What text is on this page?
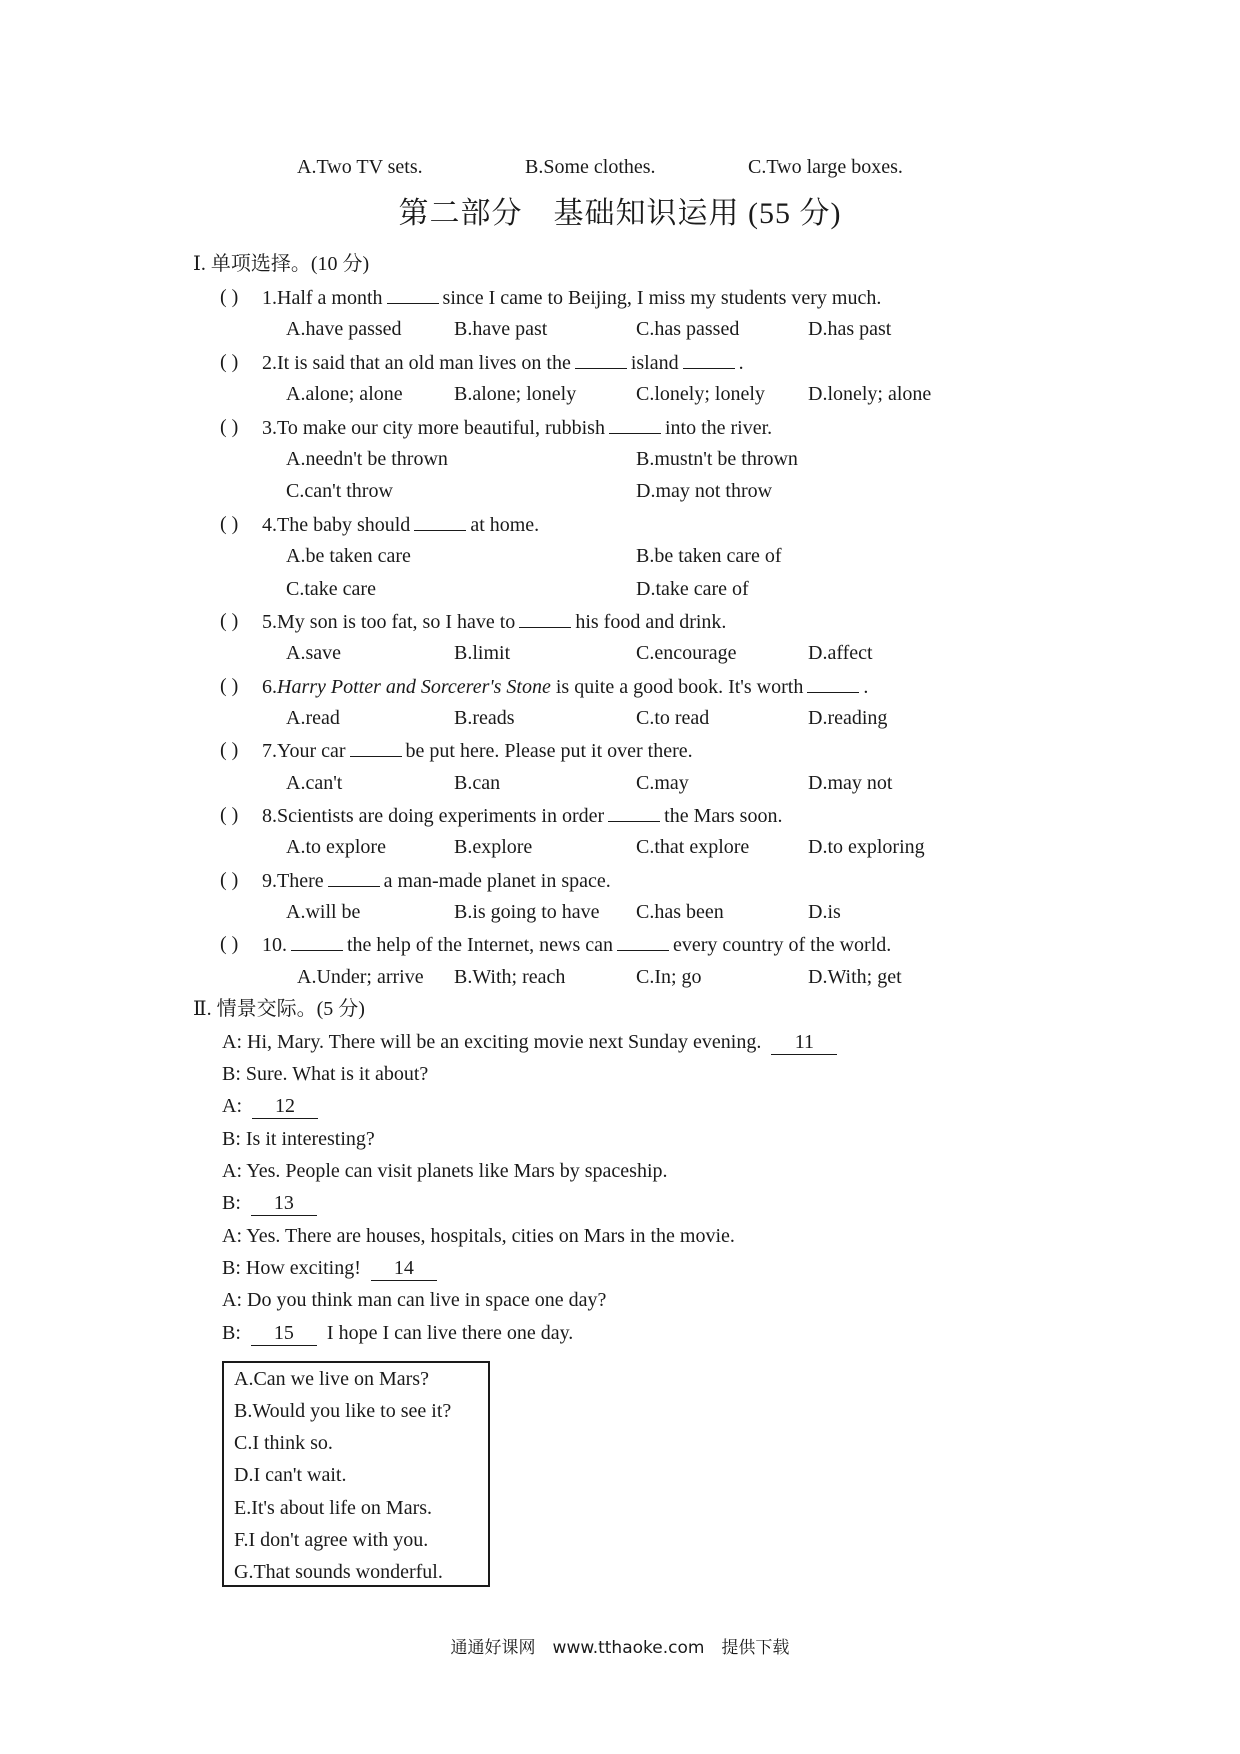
A.Two TV sets.	B.Some clothes.	C.Two large boxes.
第二部分　基础知识运用 (55 分)
Ⅰ. 单项选择。(10 分)
( ) 1.Half a month	since I came to Beijing, I miss my students very much.
A.have passed	B.have past	C.has passed	D.has past
( ) 2.It is said that an old man lives on the	island	.
A.alone; alone	B.alone; lonely	C.lonely; lonely D.lonely; alone
( ) 3.To make our city more beautiful, rubbish	into the river.
A.needn't be thrown	B.mustn't be thrown
C.can't throw	D.may not throw
( ) 4.The baby should	at home.
A.be taken care	B.be taken care of
C.take care	D.take care of
( ) 5.My son is too fat, so I have to	his food and drink.
A.save	B.limit	C.encourage	D.affect
( ) 6.Harry Potter and Sorcerer's Stone is quite a good book. It's worth	.
A.read	B.reads	C.to read	D.reading
( ) 7.Your car	be put here. Please put it over there.
A.can't	B.can	C.may	D.may not
( ) 8.Scientists are doing experiments in order	the Mars soon.
A.to explore	B.explore	C.that explore	D.to exploring
( ) 9.There	a man-made planet in space.
A.will be	B.is going to have C.has been	D.is
( ) 10.	the help of the Internet, news can	every country of the world.
A.Under; arrive B.With; reach	C.In; go	D.With; get
Ⅱ. 情景交际。(5 分)
A: Hi, Mary. There will be an exciting movie next Sunday evening. 11
B: Sure. What is it about?
A: 12
B: Is it interesting?
A: Yes. People can visit planets like Mars by spaceship.
B: 13
A: Yes. There are houses, hospitals, cities on Mars in the movie.
B: How exciting! 14
A: Do you think man can live in space one day?
B: 15 I hope I can live there one day.
A.Can we live on Mars?
B.Would you like to see it?
C.I think so.
D.I can't wait.
E.It's about life on Mars.
F.I don't agree with you.
G.That sounds wonderful.
通通好课网　www.tthaoke.com　提供下载
